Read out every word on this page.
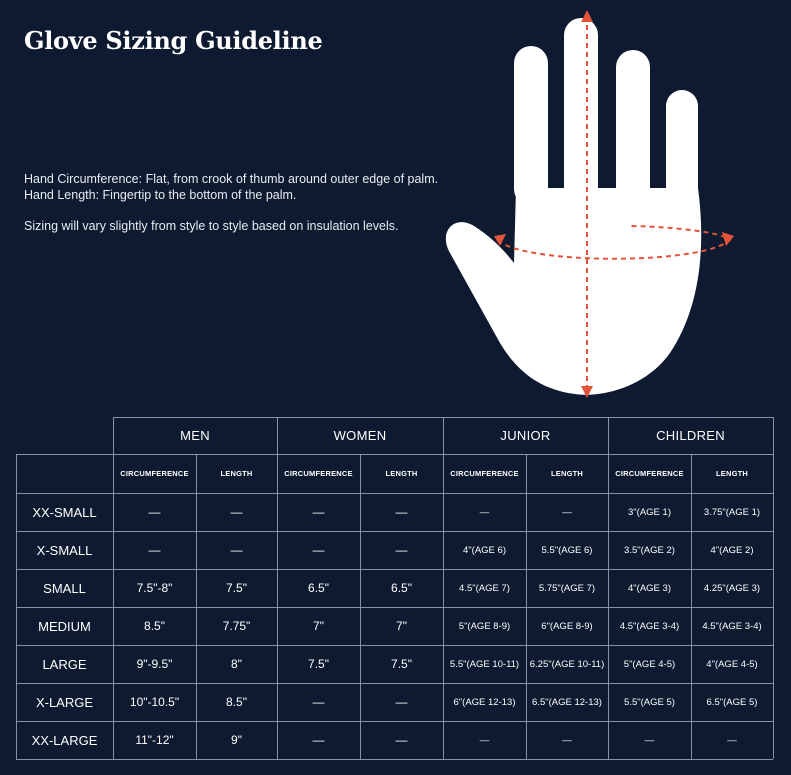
Glove Sizing Guideline

Hand Circumference: Flat, from crook of thumb around outer edge of palm.

Hand Length: Fingertip to the bottom of the palm.

Sizing will vary slightly from style to style based on insulation levels.

MEN	WOMEN	JUNIOR	CHILDREN
CIRCUMFERENCE	LENGTH	CIRCUMFERENCE	LENGTH	CIRCUMFERENCE	LENGTH	CIRCUMFERENCE	LENGTH
XX-SMALL	—	—	—	—	—	—	3"(AGE 1)	3.75"(AGE 1)
X-SMALL	—	—	—	—	4"(AGE 6)	5.5"(AGE 6)	3.5"(AGE 2)	4"(AGE 2)
SMALL	7.5"-8"	7.5"	6.5"	6.5"	4.5"(AGE 7)	5.75"(AGE 7)	4"(AGE 3)	4.25"(AGE 3)
MEDIUM	8.5"	7.75"	7"	7"	5"(AGE 8-9)	6"(AGE 8-9)	4.5"(AGE 3-4)	4.5"(AGE 3-4)
LARGE	9"-9.5"	8"	7.5"	7.5"	5.5"(AGE 10-11)	6.25"(AGE 10-11)	5"(AGE 4-5)	4"(AGE 4-5)
X-LARGE	10"-10.5"	8.5"	—	—	6"(AGE 12-13)	6.5"(AGE 12-13)	5.5"(AGE 5)	6.5"(AGE 5)
XX-LARGE	11"-12"	9"	—	—	—	—	—	—
